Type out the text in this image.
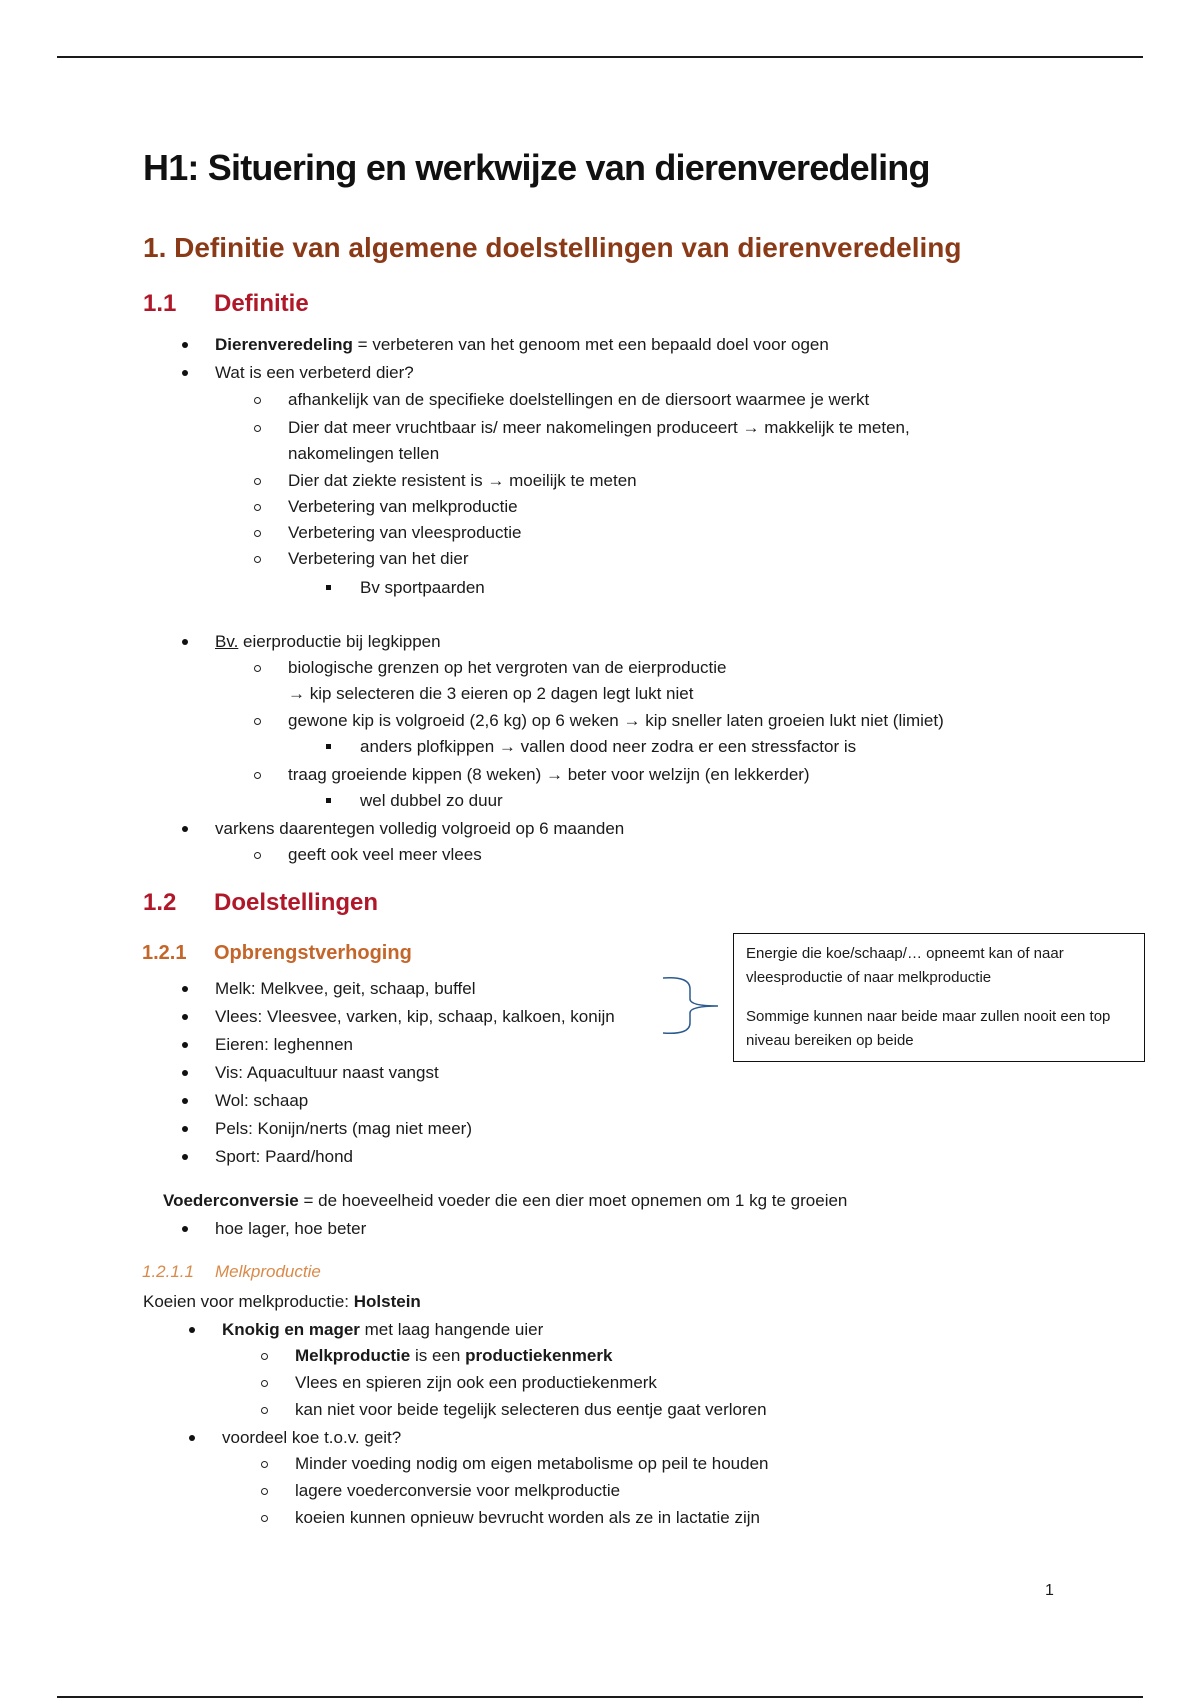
H1: Situering en werkwijze van dierenveredeling
1. Definitie van algemene doelstellingen van dierenveredeling
1.1 Definitie

Dierenveredeling = verbeteren van het genoom met een bepaald doel voor ogen

Wat is een verbeterd dier?

afhankelijk van de specifieke doelstellingen en de diersoort waarmee je werkt

Dier dat meer vruchtbaar is/ meer nakomelingen produceert → makkelijk te meten,

nakomelingen tellen

Dier dat ziekte resistent is → moeilijk te meten

Verbetering van melkproductie

Verbetering van vleesproductie

Verbetering van het dier

Bv sportpaarden

Bv. eierproductie bij legkippen

biologische grenzen op het vergroten van de eierproductie

→ kip selecteren die 3 eieren op 2 dagen legt lukt niet

gewone kip is volgroeid (2,6 kg) op 6 weken → kip sneller laten groeien lukt niet (limiet)

anders plofkippen → vallen dood neer zodra er een stressfactor is

traag groeiende kippen (8 weken) → beter voor welzijn (en lekkerder)

wel dubbel zo duur

varkens daarentegen volledig volgroeid op 6 maanden

geeft ook veel meer vlees

1.2 Doelstellingen
1.2.1 Opbrengstverhoging

Melk: Melkvee, geit, schaap, buffel

Vlees: Vleesvee, varken, kip, schaap, kalkoen, konijn

Eieren: leghennen

Vis: Aquacultuur naast vangst

Wol: schaap

Pels: Konijn/nerts (mag niet meer)

Sport: Paard/hond

Energie die koe/schaap/… opneemt kan of naar vleesproductie of naar melkproductie

Sommige kunnen naar beide maar zullen nooit een top niveau bereiken op beide

Voederconversie = de hoeveelheid voeder die een dier moet opnemen om 1 kg te groeien

hoe lager, hoe beter

1.2.1.1 Melkproductie

Koeien voor melkproductie: Holstein

Knokig en mager met laag hangende uier

Melkproductie is een productiekenmerk

Vlees en spieren zijn ook een productiekenmerk

kan niet voor beide tegelijk selecteren dus eentje gaat verloren

voordeel koe t.o.v. geit?

Minder voeding nodig om eigen metabolisme op peil te houden

lagere voederconversie voor melkproductie

koeien kunnen opnieuw bevrucht worden als ze in lactatie zijn

1
